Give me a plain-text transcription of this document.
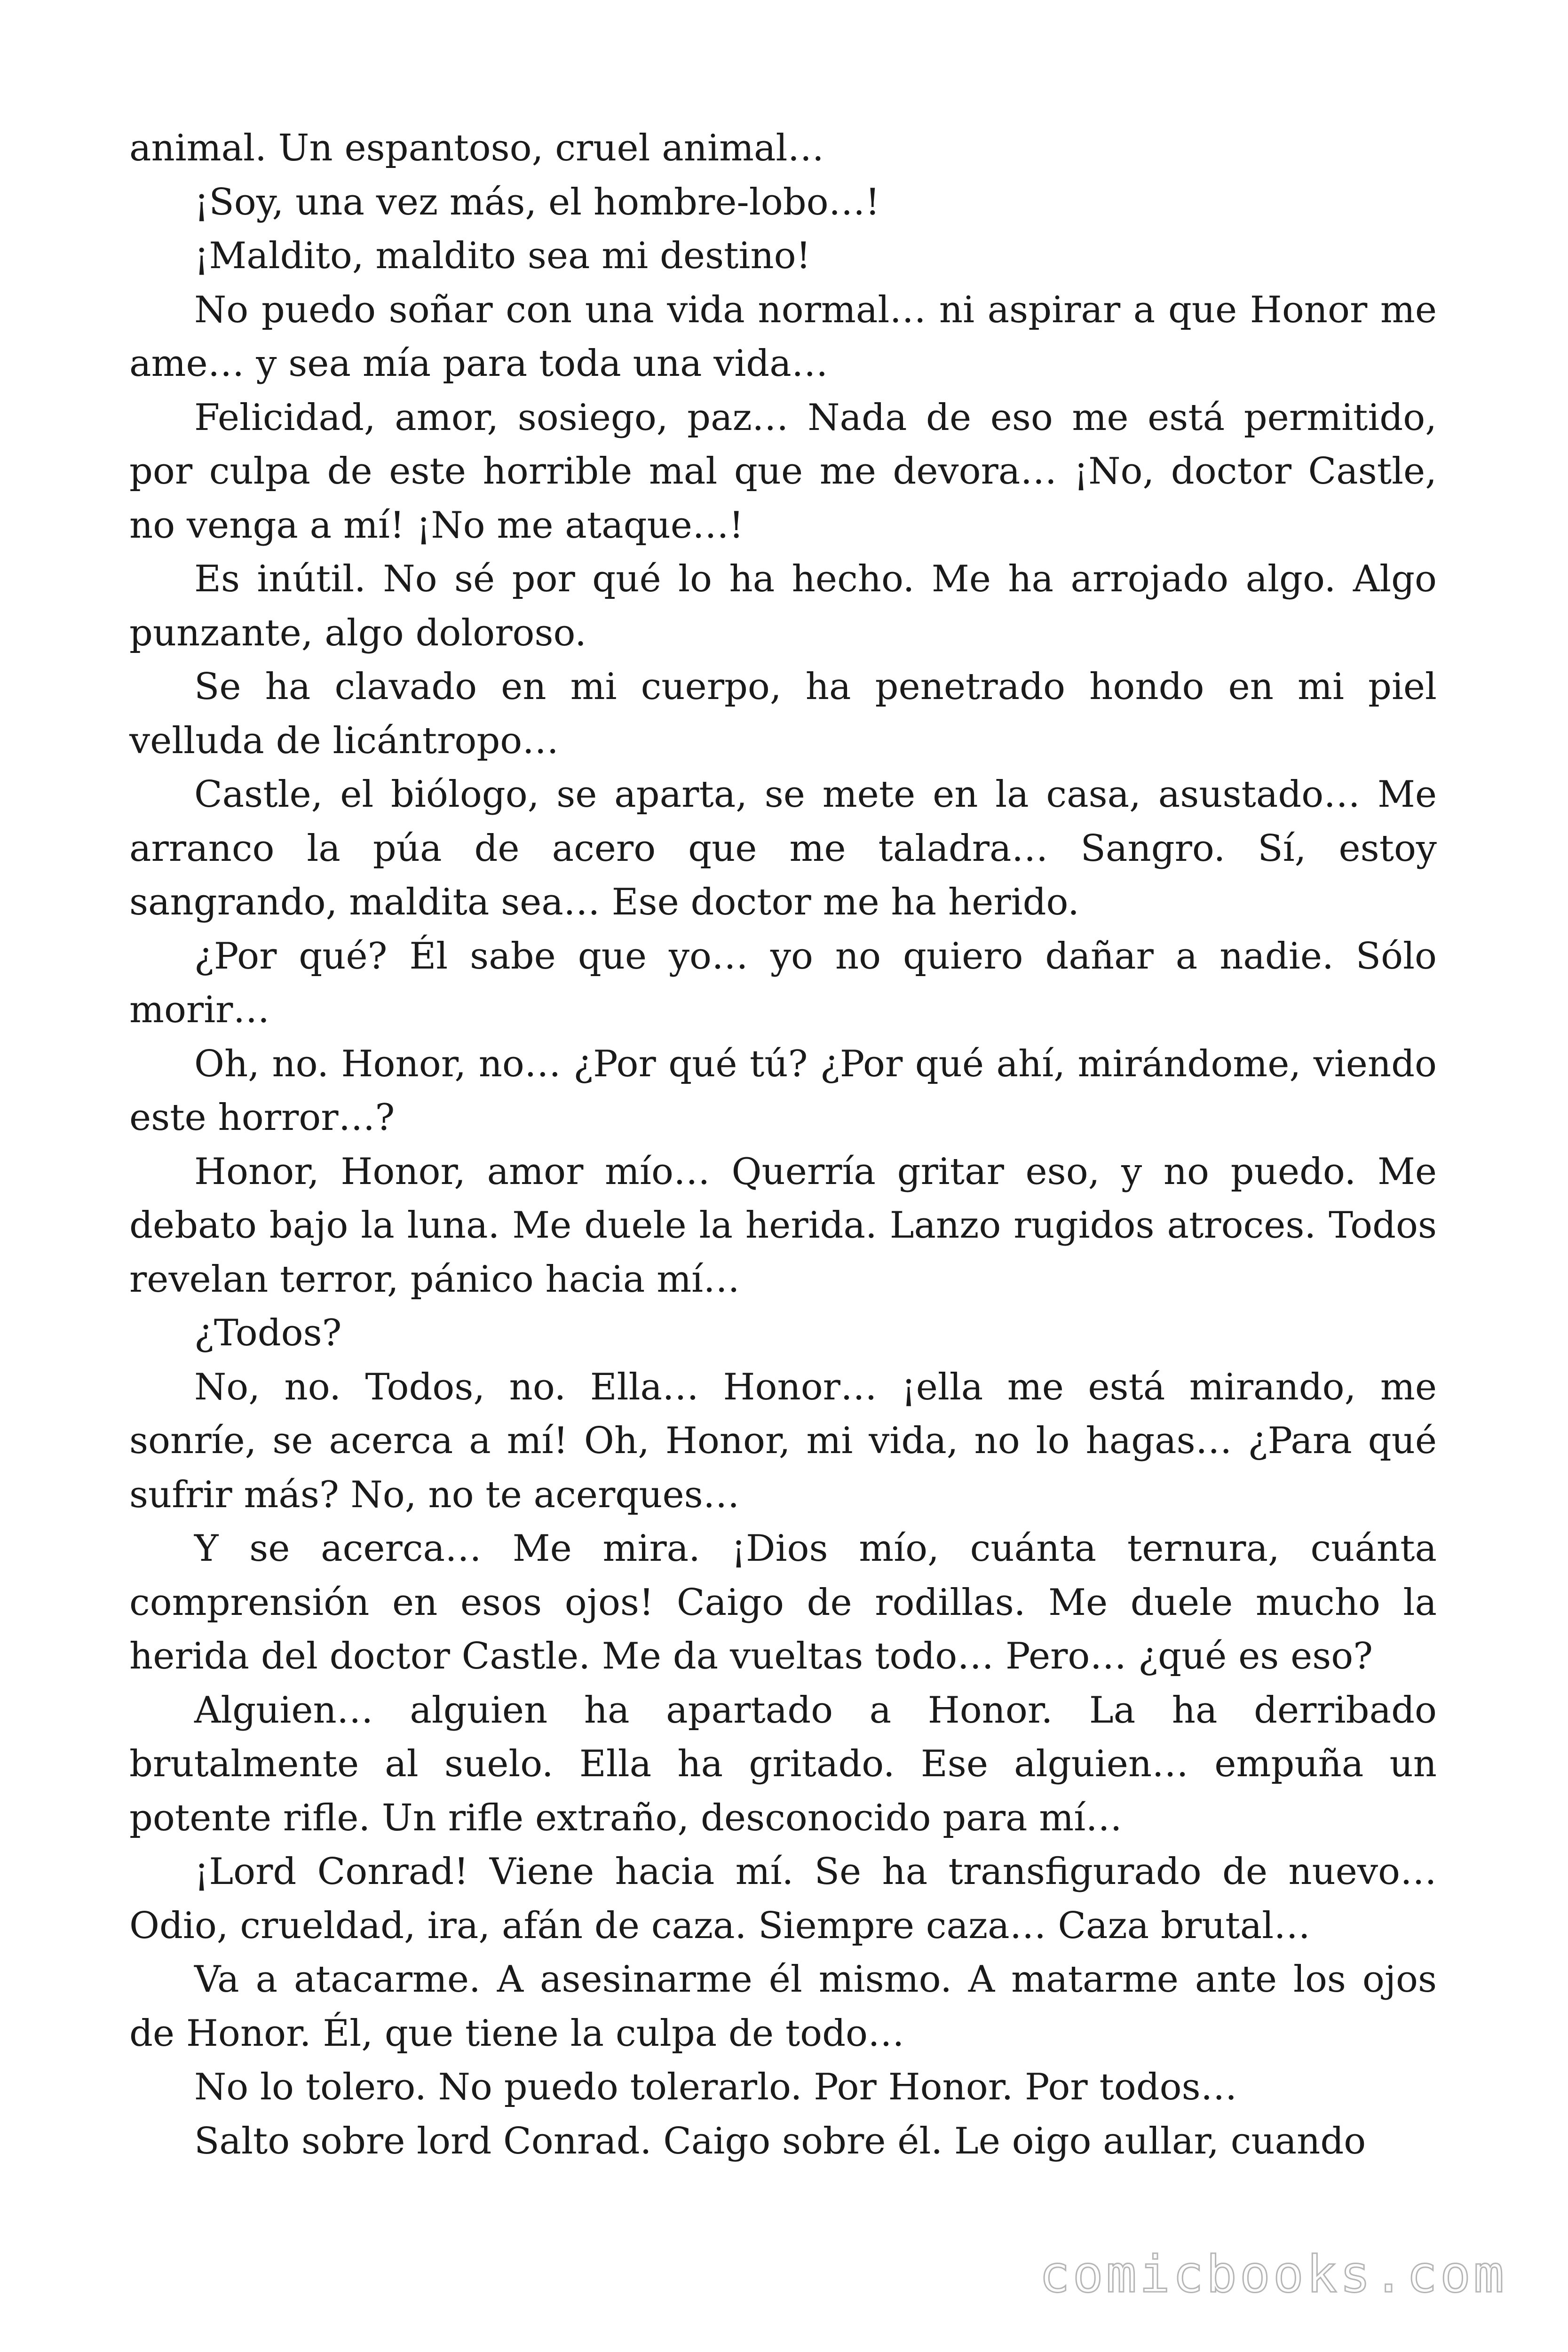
animal. Un espantoso, cruel animal…

¡Soy, una vez más, el hombre-lobo…!

¡Maldito, maldito sea mi destino!

No puedo soñar con una vida normal… ni aspirar a que Honor me ame… y sea mía para toda una vida…

Felicidad, amor, sosiego, paz… Nada de eso me está permitido, por culpa de este horrible mal que me devora… ¡No, doctor Castle, no venga a mí! ¡No me ataque…!

Es inútil. No sé por qué lo ha hecho. Me ha arrojado algo. Algo punzante, algo doloroso.

Se ha clavado en mi cuerpo, ha penetrado hondo en mi piel velluda de licántropo…

Castle, el biólogo, se aparta, se mete en la casa, asustado… Me arranco la púa de acero que me taladra… Sangro. Sí, estoy sangrando, maldita sea… Ese doctor me ha herido.

¿Por qué? Él sabe que yo… yo no quiero dañar a nadie. Sólo morir…

Oh, no. Honor, no… ¿Por qué tú? ¿Por qué ahí, mirándome, viendo este horror…?

Honor, Honor, amor mío… Querría gritar eso, y no puedo. Me debato bajo la luna. Me duele la herida. Lanzo rugidos atroces. Todos revelan terror, pánico hacia mí…

¿Todos?

No, no. Todos, no. Ella… Honor… ¡ella me está mirando, me sonríe, se acerca a mí! Oh, Honor, mi vida, no lo hagas… ¿Para qué sufrir más? No, no te acerques…

Y se acerca… Me mira. ¡Dios mío, cuánta ternura, cuánta comprensión en esos ojos! Caigo de rodillas. Me duele mucho la herida del doctor Castle. Me da vueltas todo… Pero… ¿qué es eso?

Alguien… alguien ha apartado a Honor. La ha derribado brutalmente al suelo. Ella ha gritado. Ese alguien… empuña un potente rifle. Un rifle extraño, desconocido para mí…

¡Lord Conrad! Viene hacia mí. Se ha transfigurado de nuevo… Odio, crueldad, ira, afán de caza. Siempre caza… Caza brutal…

Va a atacarme. A asesinarme él mismo. A matarme ante los ojos de Honor. Él, que tiene la culpa de todo…

No lo tolero. No puedo tolerarlo. Por Honor. Por todos…

Salto sobre lord Conrad. Caigo sobre él. Le oigo aullar, cuando

comicbooks.com
